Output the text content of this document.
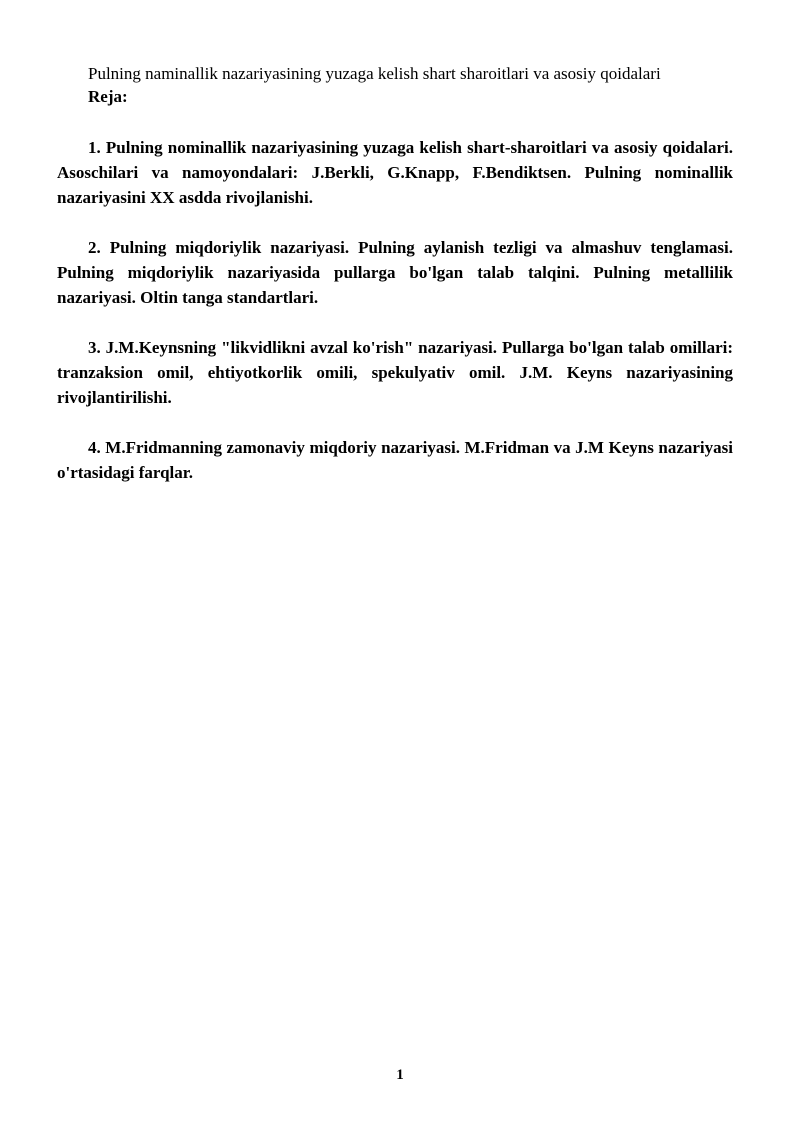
Pulning naminallik nazariyasining yuzaga kelish shart sharoitlari va asosiy qoidalari
Reja:

1. Pulning nominallik nazariyasining yuzaga kelish shart-sharoitlari va asosiy qoidalari. Asoschilari va namoyondalari: J.Berkli, G.Knapp, F.Bendiktsen. Pulning nominallik nazariyasini XX asdda rivojlanishi.

2. Pulning miqdoriylik nazariyasi. Pulning aylanish tezligi va almashuv tenglamasi. Pulning miqdoriylik nazariyasida pullarga bo'lgan talab talqini. Pulning metallilik nazariyasi. Oltin tanga standartlari.

3. J.M.Keynsning "likvidlikni avzal ko'rish" nazariyasi. Pullarga bo'lgan talab omillari: tranzaksion omil, ehtiyotkorlik omili, spekulyativ omil. J.M. Keyns nazariyasining rivojlantirilishi.

4. M.Fridmanning zamonaviy miqdoriy nazariyasi. M.Fridman va J.M Keyns nazariyasi o'rtasidagi farqlar.

1
